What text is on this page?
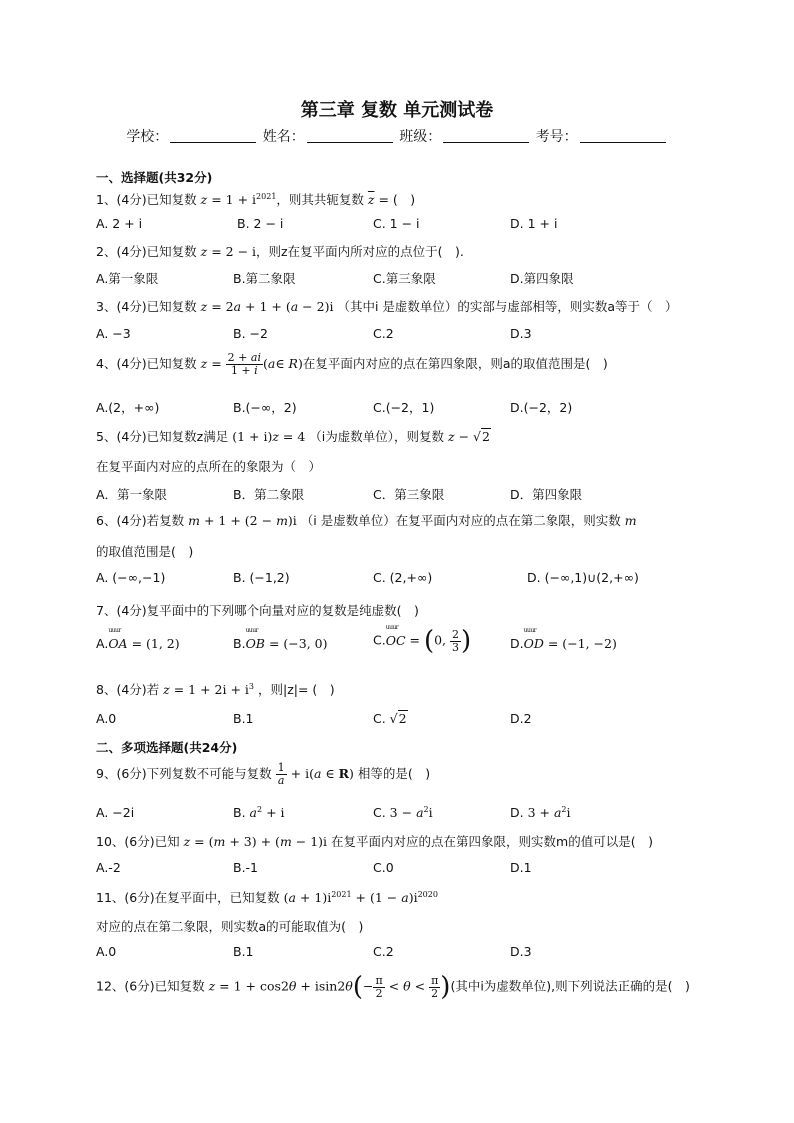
第三章 复数 单元测试卷
学校：	姓名：	班级：	考号：
一、选择题(共32分)
1、(4分)已知复数 $z = 1 + i^{2021}$，则其共轭复数 $\overline{z}$ = (　)
A. 2 + i	B. 2 − i	C. 1 − i	D. 1 + i
2、(4分)已知复数 z = 2 − i，则z在复平面内所对应的点位于(　).
A.第一象限	B.第二象限	C.第三象限	D.第四象限
3、(4分)已知复数 z = 2a + 1 + (a − 2)i （其中i 是虚数单位）的实部与虚部相等，则实数a等于（　）
A. −3	B. −2	C.2	D.3
4、(4分)已知复数 $z = \frac{2 + ai}{1 + i}$ (a∈ R)在复平面内对应的点在第四象限，则a的取值范围是(　)
A.(2，+∞)	B.(−∞，2)	C.(−2，1)	D.(−2，2)
5、(4分)已知复数z满足 (1 + i)z = 4 （i为虚数单位），则复数 z − √2
在复平面内对应的点所在的象限为（　）
A．第一象限	B．第二象限	C．第三象限	D．第四象限
6、(4分)若复数 m + 1 + (2 − m)i （i 是虚数单位）在复平面内对应的点在第二象限，则实数 m
的取值范围是(　)
A. (−∞,−1)	B. (−1,2)	C. (2,+∞)	D. (−∞,1)∪(2,+∞)
7、(4分)复平面中的下列哪个向量对应的复数是纯虚数(　)
A.uuur OA = (1, 2)	B.uuur OB = (−3, 0)	C.uuur OC = (0, $\frac{2}{3}$ )	D.uuur OD = (−1, −2)
8、(4分)若 $z = 1 + 2i + i^3$ ，则|z|= (　)
A.0	B.1	C. √2	D.2
二、多项选择题(共24分)
9、(6分)下列复数不可能与复数 $\frac{1}{a} + i(a$ ∈ R) 相等的是(　)
A. −2i	B. $a^2 + i$	C. $3 - a^2i$	D. $3 + a^2i$
10、(6分)已知 z = (m + 3) + (m − 1)i 在复平面内对应的点在第四象限，则实数m的值可以是(　)
A.-2	B.-1	C.0	D.1
11、(6分)在复平面中，已知复数 $(a + 1)i^{2021} + (1 - a)i^{2020}$
对应的点在第二象限，则实数a的可能取值为(　)
A.0	B.1	C.2	D.3
12、(6分)已知复数 $z = 1 + \cos 2\theta + isin2\theta(- \frac{\pi}{2} < \theta < \frac{\pi}{2}$ )(其中i为虚数单位),则下列说法正确的是(　)
